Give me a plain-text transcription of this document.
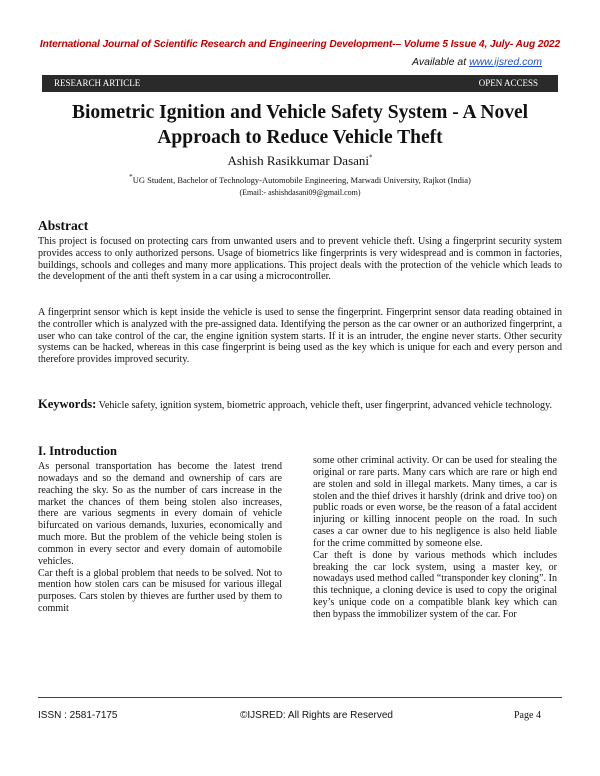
International Journal of Scientific Research and Engineering Development-– Volume 5 Issue 4, July- Aug 2022
Available at www.ijsred.com
RESEARCH ARTICLE	OPEN ACCESS
Biometric Ignition and Vehicle Safety System - A Novel
Approach to Reduce Vehicle Theft
Ashish Rasikkumar Dasani*
*UG Student, Bachelor of Technology-Automobile Engineering, Marwadi University, Rajkot (India)
(Email:- ashishdasani09@gmail.com)
Abstract
This project is focused on protecting cars from unwanted users and to prevent vehicle theft. Using a fingerprint security system provides access to only authorized persons. Usage of biometrics like fingerprints is very widespread and is common in factories, buildings, schools and colleges and many more applications. This project deals with the protection of the vehicle which leads to the development of the anti theft system in a car using a microcontroller.
A fingerprint sensor which is kept inside the vehicle is used to sense the fingerprint. Fingerprint sensor data reading obtained in the controller which is analyzed with the pre-assigned data. Identifying the person as the car owner or an authorized fingerprint, a user who can take control of the car, the engine ignition system starts. If it is an intruder, the engine never starts. Other security systems can be hacked, whereas in this case fingerprint is being used as the key which is unique for each and every person and therefore provides improved security.
Keywords: Vehicle safety, ignition system, biometric approach, vehicle theft, user fingerprint, advanced vehicle technology.
I. Introduction

As personal transportation has become the latest trend nowadays and so the demand and ownership of cars are reaching the sky. So as the number of cars increase in the market the chances of them being stolen also increases, there are various segments in every domain of vehicle bifurcated on various demands, luxuries, economically and much more. But the problem of the vehicle being stolen is common in every sector and every domain of automobile vehicles.

Car theft is a global problem that needs to be solved. Not to mention how stolen cars can be misused for various illegal purposes. Cars stolen by thieves are further used by them to commit

some other criminal activity. Or can be used for stealing the original or rare parts. Many cars which are rare or high end are stolen and sold in illegal markets. Many times, a car is stolen and the thief drives it harshly (drink and drive too) on public roads or even worse, be the reason of a fatal accident injuring or killing innocent people on the road. In such cases a car owner due to his negligence is also held liable for the crime committed by someone else.

Car theft is done by various methods which includes breaking the car lock system, using a master key, or nowadays used method called “transponder key cloning”. In this technique, a cloning device is used to copy the original key’s unique code on a compatible blank key which can then bypass the immobilizer system of the car. For

ISSN : 2581-7175	©IJSRED: All Rights are Reserved	Page 4
